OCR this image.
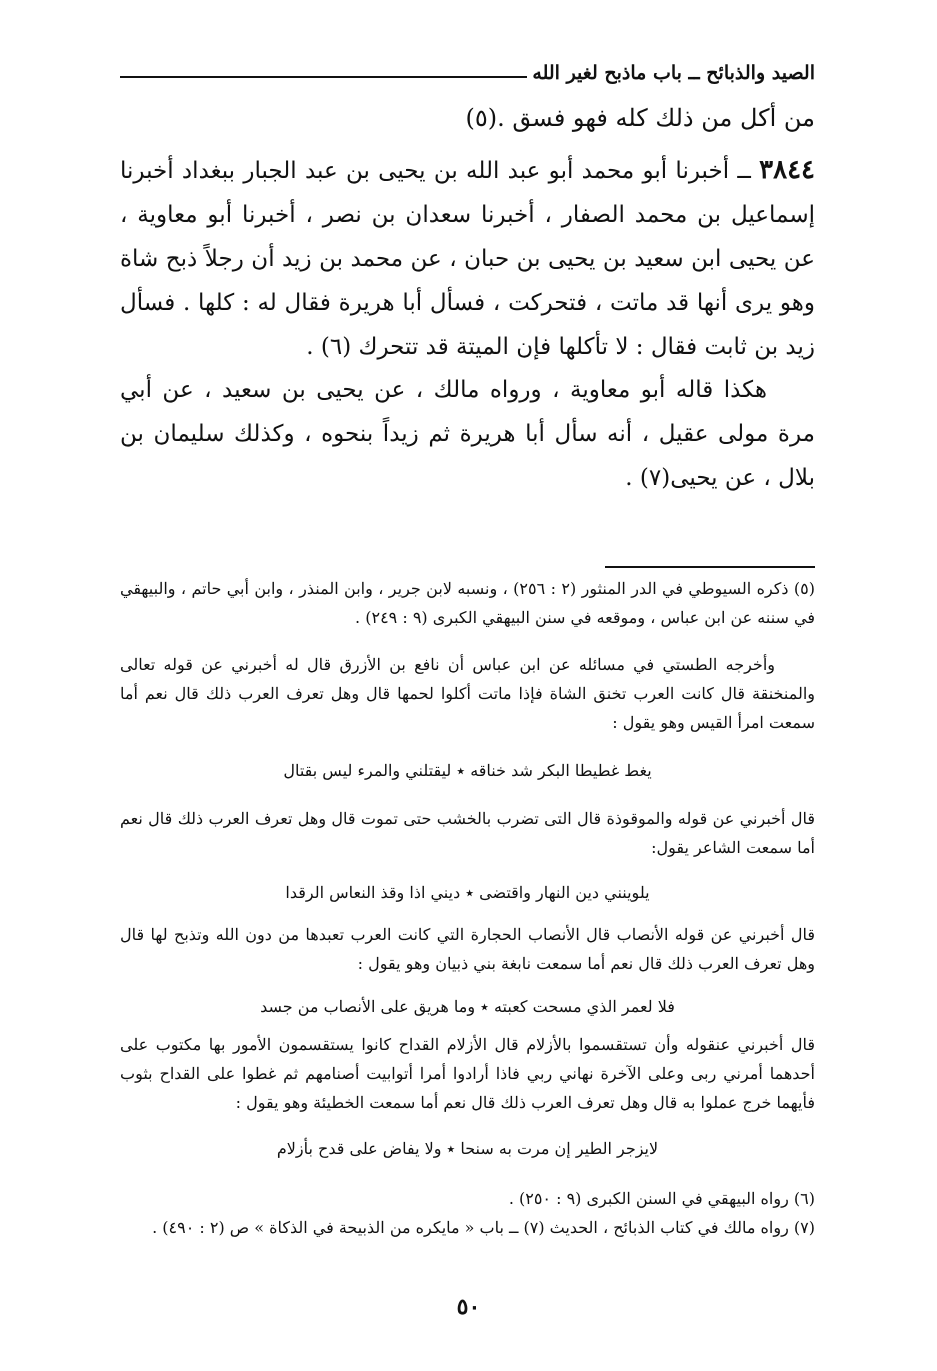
الصيد والذبائح ــ باب ماذبح لغير الله
من أكل من ذلك كله فهو فسق .(٥)
٣٨٤٤ ــ أخبرنا أبو محمد أبو عبد الله بن يحيى بن عبد الجبار ببغداد أخبرنا إسماعيل بن محمد الصفار ، أخبرنا سعدان بن نصر ، أخبرنا أبو معاوية ، عن يحيى ابن سعيد بن يحيى بن حبان ، عن محمد بن زيد أن رجلاً ذبح شاة وهو يرى أنها قد ماتت ، فتحركت ، فسأل أبا هريرة فقال له : كلها . فسأل زيد بن ثابت فقال : لا تأكلها فإن الميتة قد تتحرك (٦) .
هكذا قاله أبو معاوية ، ورواه مالك ، عن يحيى بن سعيد ، عن أبي مرة مولى عقيل ، أنه سأل أبا هريرة ثم زيداً بنحوه ، وكذلك سليمان بن بلال ، عن يحيى(٧) .
(٥) ذكره السيوطي في الدر المنثور (٢ : ٢٥٦) ، ونسبه لابن جرير ، وابن المنذر ، وابن أبي حاتم ، والبيهقي في سننه عن ابن عباس ، وموقعه في سنن البيهقي الكبرى (٩ : ٢٤٩) .
وأخرجه الطستي في مسائله عن ابن عباس أن نافع بن الأزرق قال له أخبرني عن قوله تعالى والمنخنقة قال كانت العرب تخنق الشاة فإذا ماتت أكلوا لحمها قال وهل تعرف العرب ذلك قال نعم أما سمعت امرأ القيس وهو يقول :
يغط غطيطا البكر شد خناقه ٭ ليقتلني والمرء ليس بقتال
قال أخبرني عن قوله والموقوذة قال التى تضرب بالخشب حتى تموت قال وهل تعرف العرب ذلك قال نعم أما سمعت الشاعر يقول:
يلوينني دين النهار واقتضى ٭ ديني اذا وقذ النعاس الرقدا
قال أخبرني عن قوله الأنصاب قال الأنصاب الحجارة التي كانت العرب تعبدها من دون الله وتذبح لها قال وهل تعرف العرب ذلك قال نعم أما سمعت نابغة بني ذبيان وهو يقول :
فلا لعمر الذي مسحت كعبته ٭ وما هريق على الأنصاب من جسد
قال أخبرني عنقوله وأن تستقسموا بالأزلام قال الأزلام القداح كانوا يستقسمون الأمور بها مكتوب على أحدهما أمرني ربى وعلى الآخرة نهاني ربي فاذا أرادوا أمرا أتوابيت أصنامهم ثم غطوا على القداح بثوب فأيهما خرج عملوا به قال وهل تعرف العرب ذلك قال نعم أما سمعت الخطيئة وهو يقول :
لايزجر الطير إن مرت به سنحا ٭ ولا يفاض على قدح بأزلام
(٦) رواه البيهقي في السنن الكبرى (٩ : ٢٥٠) .
(٧) رواه مالك في كتاب الذبائح ، الحديث (٧) ــ باب « مايكره من الذبيحة في الذكاة » ص (٢ : ٤٩٠) .
٥٠
